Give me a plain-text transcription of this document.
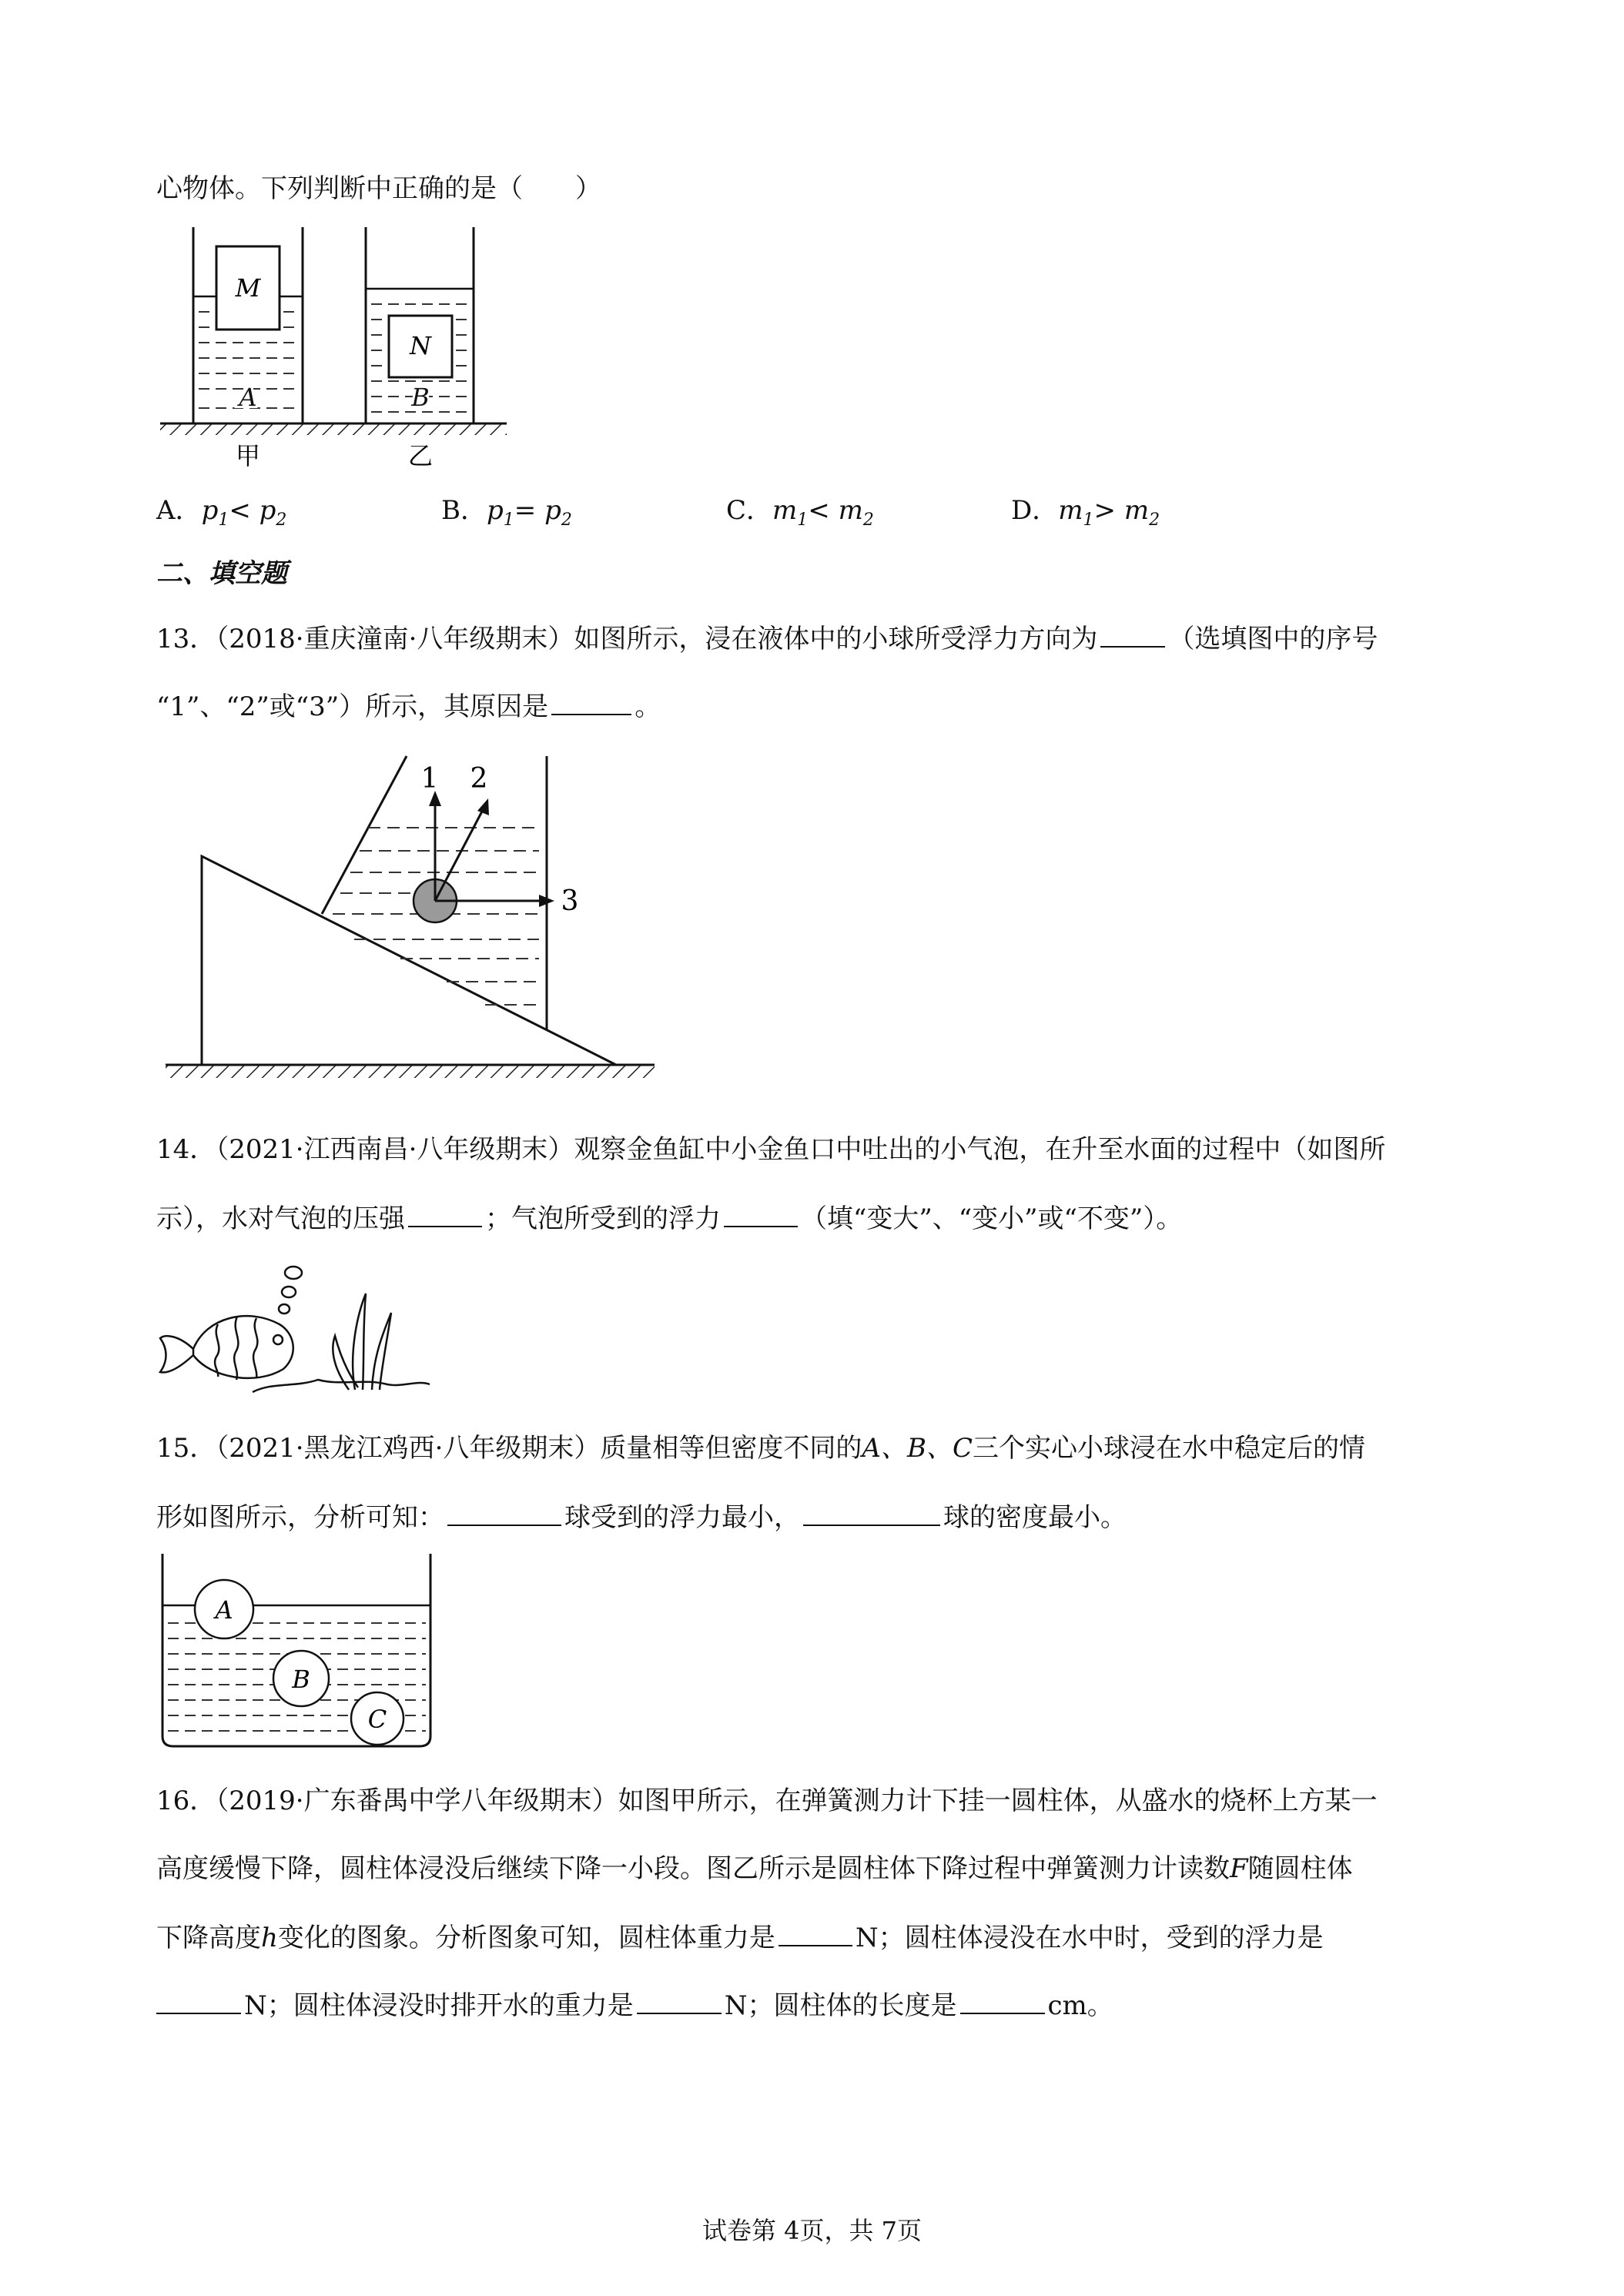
心物体。下列判断中正确的是（　　）

M
A
N
B
甲	乙
A．$p_1< p_2$	B．$p_1= p_2$	C．$m_1< m_2$	D．$m_1> m_2$

二、填空题

13．（2018·重庆潼南·八年级期末）如图所示，浸在液体中的小球所受浮力方向为	（选填图中的序号

“1”、“2”或“3”）所示，其原因是	。

1 2
3

14．（2021·江西南昌·八年级期末）观察金鱼缸中小金鱼口中吐出的小气泡，在升至水面的过程中（如图所

示），水对气泡的压强	；气泡所受到的浮力	（填“变大”、“变小”或“不变”）。

15．（2021·黑龙江鸡西·八年级期末）质量相等但密度不同的A、B、C三个实心小球浸在水中稳定后的情

形如图所示，分析可知：	球受到的浮力最小，	球的密度最小。

A
B
C

16．（2019·广东番禺中学八年级期末）如图甲所示，在弹簧测力计下挂一圆柱体，从盛水的烧杯上方某一

高度缓慢下降，圆柱体浸没后继续下降一小段。图乙所示是圆柱体下降过程中弹簧测力计读数F随圆柱体

下降高度h变化的图象。分析图象可知，圆柱体重力是	N；圆柱体浸没在水中时，受到的浮力是

N；圆柱体浸没时排开水的重力是	N；圆柱体的长度是	cm。

试卷第 4页，共 7页
